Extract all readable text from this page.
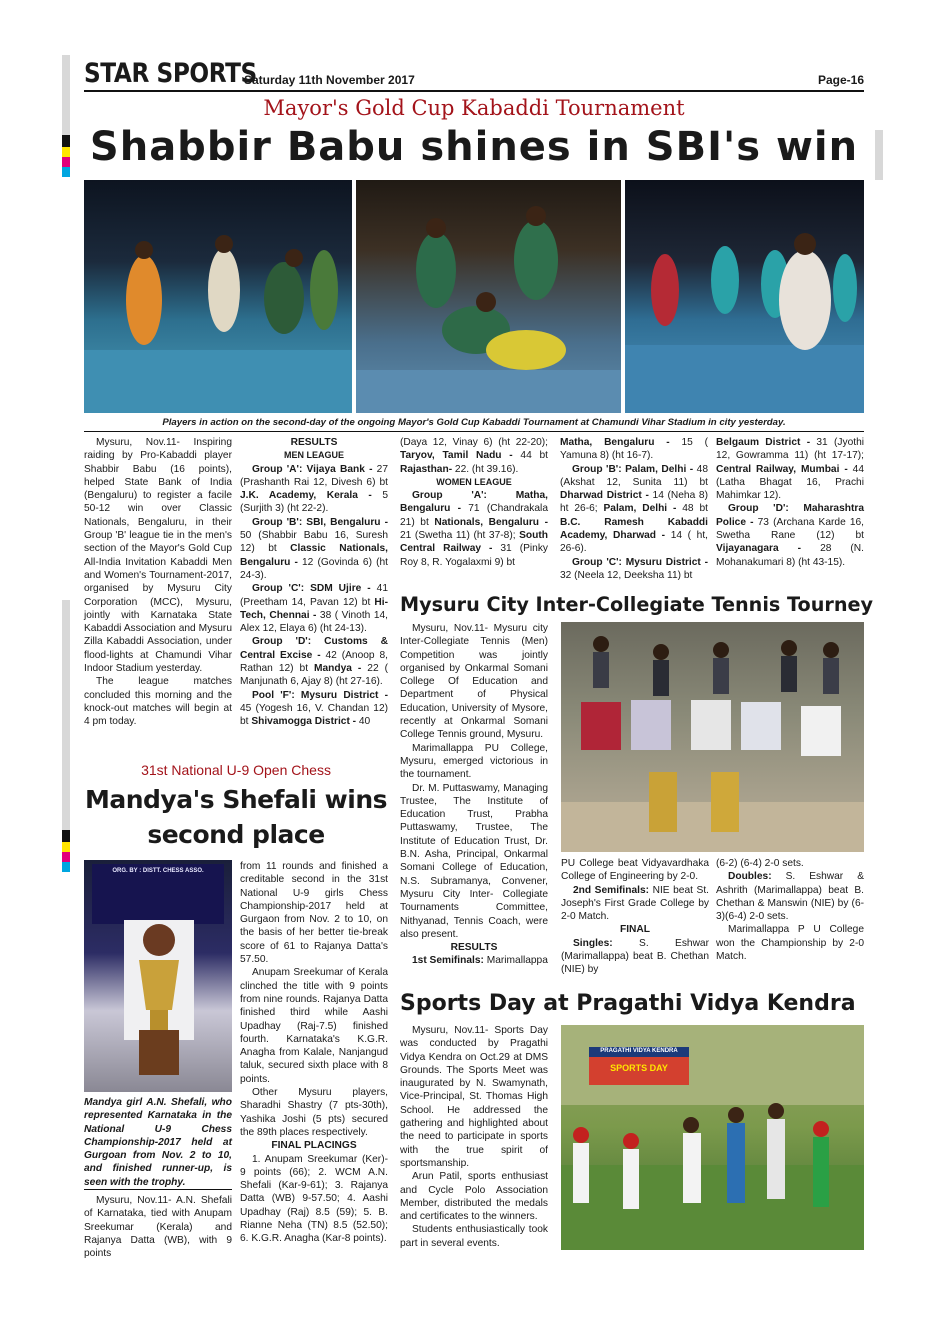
STAR SPORTS
Saturday 11th November 2017	Page-16
Mayor's Gold Cup Kabaddi Tournament
Shabbir Babu shines in SBI's win
Players in action on the second-day of the ongoing Mayor's Gold Cup Kabaddi Tournament at Chamundi Vihar Stadium in city yesterday.

Mysuru, Nov.11- Inspiring raiding by Pro-Kabaddi player Shabbir Babu (16 points), helped State Bank of India (Bengaluru) to register a facile 50-12 win over Classic Nationals, Bengaluru, in their Group 'B' league tie in the men's section of the Mayor's Gold Cup All-India Invitation Kabaddi Men and Women's Tournament-2017, organised by Mysuru City Corporation (MCC), Mysuru, jointly with Karnataka State Kabaddi Association and Mysuru Zilla Kabaddi Association, under flood-lights at Chamundi Vihar Indoor Stadium yesterday.

The league matches concluded this morning and the knock-out matches will begin at 4 pm today.

RESULTS

MEN LEAGUE

Group 'A': Vijaya Bank - 27 (Prashanth Rai 12, Divesh 6) bt J.K. Academy, Kerala - 5 (Surjith 3) (ht 22-2).

Group 'B': SBI, Bengaluru - 50 (Shabbir Babu 16, Suresh 12) bt Classic Nationals, Bengaluru - 12 (Govinda 6) (ht 24-3).

Group 'C': SDM Ujire - 41 (Preetham 14, Pavan 12) bt Hi-Tech, Chennai - 38 ( Vinoth 14, Alex 12, Elaya 6) (ht 24-13).

Group 'D': Customs & Central Excise - 42 (Anoop 8, Rathan 12) bt Mandya - 22 ( Manjunath 6, Ajay 8) (ht 27-16).

Pool 'F': Mysuru District - 45 (Yogesh 16, V. Chandan 12) bt Shivamogga District - 40

(Daya 12, Vinay 6) (ht 22-20); Taryov, Tamil Nadu - 44 bt Rajasthan- 22. (ht 39.16).

WOMEN LEAGUE

Group 'A': Matha, Bengaluru - 71 (Chandrakala 21) bt Nationals, Bengaluru - 21 (Swetha 11) (ht 37-8); South Central Railway - 31 (Pinky Roy 8, R. Yogalaxmi 9) bt

Matha, Bengaluru - 15 ( Yamuna 8) (ht 16-7).

Group 'B': Palam, Delhi - 48 (Akshat 12, Sunita 11) bt Dharwad District - 14 (Neha 8) ht 26-6; Palam, Delhi - 48 bt B.C. Ramesh Kabaddi Academy, Dharwad - 14 ( ht, 26-6).

Group 'C': Mysuru District - 32 (Neela 12, Deeksha 11) bt

Belgaum District - 31 (Jyothi 12, Gowramma 11) (ht 17-17); Central Railway, Mumbai - 44 (Latha Bhagat 16, Prachi Mahimkar 12).

Group 'D': Maharashtra Police - 73 (Archana Karde 16, Swetha Rane (12) bt Vijayanagara - 28 (N. Mohanakumari 8) (ht 43-15).

Mysuru City Inter-Collegiate Tennis Tourney

Mysuru, Nov.11- Mysuru city Inter-Collegiate Tennis (Men) Competition was jointly organised by Onkarmal Somani College Of Education and Department of Physical Education, University of Mysore, recently at Onkarmal Somani College Tennis ground, Mysuru.

Marimallappa PU College, Mysuru, emerged victorious in the tournament.

Dr. M. Puttaswamy, Managing Trustee, The Institute of Education Trust, Prabha Puttaswamy, Trustee, The Institute of Education Trust, Dr. B.N. Asha, Principal, Onkarmal Somani College of Education, N.S. Subramanya, Convener, Mysuru City Inter- Collegiate Tournaments Committee, Nithyanad, Tennis Coach, were also present.

RESULTS

1st Semifinals: Marimallappa

PU College beat Vidyavardhaka College of Engineering by 2-0.

2nd Semifinals: NIE beat St. Joseph's First Grade College by 2-0 Match.

FINAL

Singles: S. Eshwar (Marimallappa) beat B. Chethan (NIE) by

(6-2) (6-4) 2-0 sets.

Doubles: S. Eshwar & Ashrith (Marimallappa) beat B. Chethan & Manswin (NIE) by (6-3)(6-4) 2-0 sets.

Marimallappa P U College won the Championship by 2-0 Match.

31st National U-9 Open Chess
Mandya's Shefali wins
second place
ORG. BY : DISTT. CHESS ASSO.

Mandya girl A.N. Shefali, who represented Karnataka in the National U-9 Chess Championship-2017 held at Gurgoan from Nov. 2 to 10, and finished runner-up, is seen with the trophy.

Mysuru, Nov.11- A.N. Shefali of Karnataka, tied with Anupam Sreekumar (Kerala) and Rajanya Datta (WB), with 9 points

from 11 rounds and finished a creditable second in the 31st National U-9 girls Chess Championship-2017 held at Gurgaon from Nov. 2 to 10, on the basis of her better tie-break score of 61 to Rajanya Datta's 57.50.

Anupam Sreekumar of Kerala clinched the title with 9 points from nine rounds. Rajanya Datta finished third while Aashi Upadhay (Raj-7.5) finished fourth. Karnataka's K.G.R. Anagha from Kalale, Nanjangud taluk, secured sixth place with 8 points.

Other Mysuru players, Sharadhi Shastry (7 pts-30th), Yashika Joshi (5 pts) secured the 89th places respectively.

FINAL PLACINGS

1. Anupam Sreekumar (Ker)- 9 points (66); 2. WCM A.N. Shefali (Kar-9-61); 3. Rajanya Datta (WB) 9-57.50; 4. Aashi Upadhay (Raj) 8.5 (59); 5. B. Rianne Neha (TN) 8.5 (52.50); 6. K.G.R. Anagha (Kar-8 points).

Sports Day at Pragathi Vidya Kendra

Mysuru, Nov.11- Sports Day was conducted by Pragathi Vidya Kendra on Oct.29 at DMS Grounds. The Sports Meet was inaugurated by N. Swamynath, Vice-Principal, St. Thomas High School. He addressed the gathering and highlighted about the need to participate in sports with the true spirit of sportsmanship.

Arun Patil, sports enthusiast and Cycle Polo Association Member, distributed the medals and certificates to the winners.

Students enthusiastically took part in several events.

PRAGATHI VIDYA KENDRA
SPORTS DAY
